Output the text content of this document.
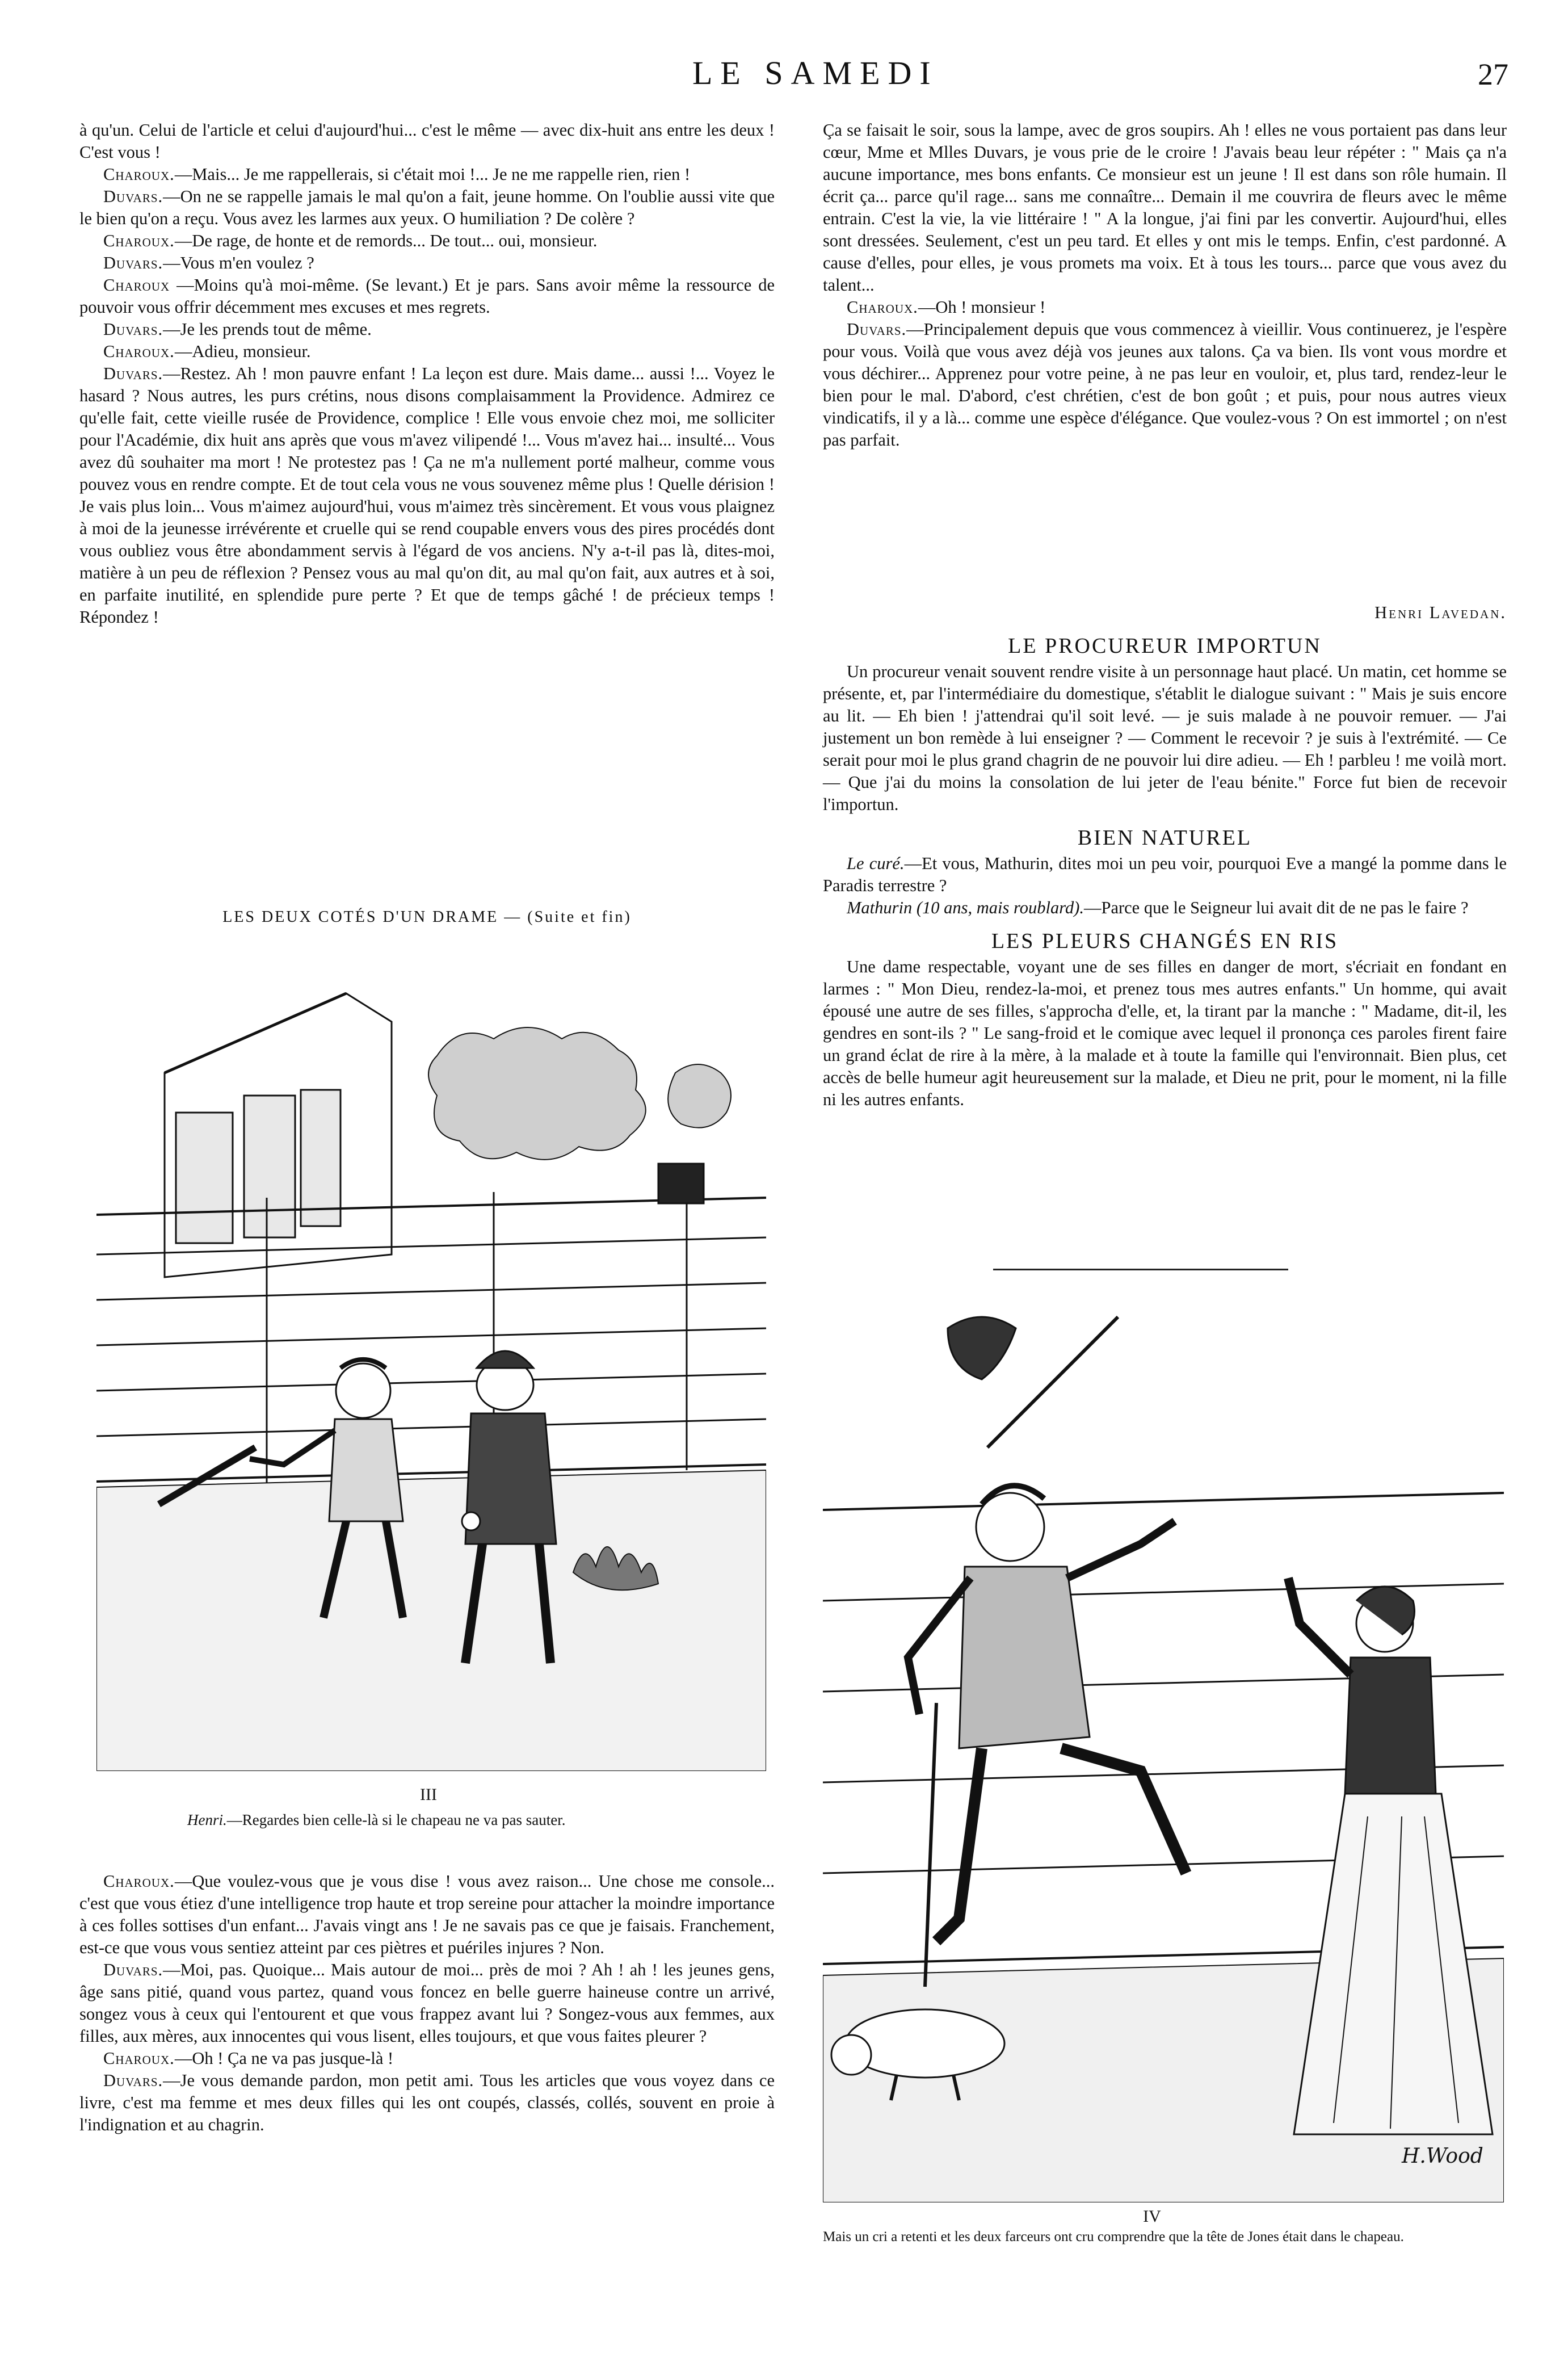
LE SAMEDI	27

à qu'un. Celui de l'article et celui d'aujourd'hui... c'est le même — avec dix-huit ans entre les deux ! C'est vous !

Charoux.—Mais... Je me rappellerais, si c'était moi !... Je ne me rappelle rien, rien !

Duvars.—On ne se rappelle jamais le mal qu'on a fait, jeune homme. On l'oublie aussi vite que le bien qu'on a reçu. Vous avez les larmes aux yeux. O humiliation ? De colère ?

Charoux.—De rage, de honte et de remords... De tout... oui, monsieur.

Duvars.—Vous m'en voulez ?

Charoux —Moins qu'à moi-même. (Se levant.) Et je pars. Sans avoir même la ressource de pouvoir vous offrir décemment mes excuses et mes regrets.

Duvars.—Je les prends tout de même.

Charoux.—Adieu, monsieur.

Duvars.—Restez. Ah ! mon pauvre enfant ! La leçon est dure. Mais dame... aussi !... Voyez le hasard ? Nous autres, les purs crétins, nous disons complaisamment la Providence. Admirez ce qu'elle fait, cette vieille rusée de Providence, complice ! Elle vous envoie chez moi, me solliciter pour l'Académie, dix huit ans après que vous m'avez vilipendé !... Vous m'avez hai... insulté... Vous avez dû souhaiter ma mort ! Ne protestez pas ! Ça ne m'a nullement porté malheur, comme vous pouvez vous en rendre compte. Et de tout cela vous ne vous souvenez même plus ! Quelle dérision ! Je vais plus loin... Vous m'aimez aujourd'hui, vous m'aimez très sincèrement. Et vous vous plaignez à moi de la jeunesse irrévérente et cruelle qui se rend coupable envers vous des pires procédés dont vous oubliez vous être abondamment servis à l'égard de vos anciens. N'y a-t-il pas là, dites-moi, matière à un peu de réflexion ? Pensez vous au mal qu'on dit, au mal qu'on fait, aux autres et à soi, en parfaite inutilité, en splendide pure perte ? Et que de temps gâché ! de précieux temps ! Répondez !

LES DEUX COTÉS D'UN DRAME — (Suite et fin)
III
Henri.—Regardes bien celle-là si le chapeau ne va pas sauter.

Charoux.—Que voulez-vous que je vous dise ! vous avez raison... Une chose me console... c'est que vous étiez d'une intelligence trop haute et trop sereine pour attacher la moindre importance à ces folles sottises d'un enfant... J'avais vingt ans ! Je ne savais pas ce que je faisais. Franchement, est-ce que vous vous sentiez atteint par ces piètres et puériles injures ? Non.

Duvars.—Moi, pas. Quoique... Mais autour de moi... près de moi ? Ah ! ah ! les jeunes gens, âge sans pitié, quand vous partez, quand vous foncez en belle guerre haineuse contre un arrivé, songez vous à ceux qui l'entourent et que vous frappez avant lui ? Songez-vous aux femmes, aux filles, aux mères, aux innocentes qui vous lisent, elles toujours, et que vous faites pleurer ?

Charoux.—Oh ! Ça ne va pas jusque-là !

Duvars.—Je vous demande pardon, mon petit ami. Tous les articles que vous voyez dans ce livre, c'est ma femme et mes deux filles qui les ont coupés, classés, collés, souvent en proie à l'indignation et au chagrin.

Ça se faisait le soir, sous la lampe, avec de gros soupirs. Ah ! elles ne vous portaient pas dans leur cœur, Mme et Mlles Duvars, je vous prie de le croire ! J'avais beau leur répéter : " Mais ça n'a aucune importance, mes bons enfants. Ce monsieur est un jeune ! Il est dans son rôle humain. Il écrit ça... parce qu'il rage... sans me connaître... Demain il me couvrira de fleurs avec le même entrain. C'est la vie, la vie littéraire ! " A la longue, j'ai fini par les convertir. Aujourd'hui, elles sont dressées. Seulement, c'est un peu tard. Et elles y ont mis le temps. Enfin, c'est pardonné. A cause d'elles, pour elles, je vous promets ma voix. Et à tous les tours... parce que vous avez du talent...

Charoux.—Oh ! monsieur !

Duvars.—Principalement depuis que vous commencez à vieillir. Vous continuerez, je l'espère pour vous. Voilà que vous avez déjà vos jeunes aux talons. Ça va bien. Ils vont vous mordre et vous déchirer... Apprenez pour votre peine, à ne pas leur en vouloir, et, plus tard, rendez-leur le bien pour le mal. D'abord, c'est chrétien, c'est de bon goût ; et puis, pour nous autres vieux vindicatifs, il y a là... comme une espèce d'élégance. Que voulez-vous ? On est immortel ; on n'est pas parfait.

Henri Lavedan.

LE PROCUREUR IMPORTUN

Un procureur venait souvent rendre visite à un personnage haut placé. Un matin, cet homme se présente, et, par l'intermédiaire du domestique, s'établit le dialogue suivant : " Mais je suis encore au lit. — Eh bien ! j'attendrai qu'il soit levé. — je suis malade à ne pouvoir remuer. — J'ai justement un bon remède à lui enseigner ? — Comment le recevoir ? je suis à l'extrémité. — Ce serait pour moi le plus grand chagrin de ne pouvoir lui dire adieu. — Eh ! parbleu ! me voilà mort. — Que j'ai du moins la consolation de lui jeter de l'eau bénite." Force fut bien de recevoir l'importun.

BIEN NATUREL

Le curé.—Et vous, Mathurin, dites moi un peu voir, pourquoi Eve a mangé la pomme dans le Paradis terrestre ?

Mathurin (10 ans, mais roublard).—Parce que le Seigneur lui avait dit de ne pas le faire ?

LES PLEURS CHANGÉS EN RIS

Une dame respectable, voyant une de ses filles en danger de mort, s'écriait en fondant en larmes : " Mon Dieu, rendez-la-moi, et prenez tous mes autres enfants." Un homme, qui avait épousé une autre de ses filles, s'approcha d'elle, et, la tirant par la manche : " Madame, dit-il, les gendres en sont-ils ? " Le sang-froid et le comique avec lequel il prononça ces paroles firent faire un grand éclat de rire à la mère, à la malade et à toute la famille qui l'environnait. Bien plus, cet accès de belle humeur agit heureusement sur la malade, et Dieu ne prit, pour le moment, ni la fille ni les autres enfants.

H.Wood
IV
Mais un cri a retenti et les deux farceurs ont cru comprendre que la tête de Jones était dans le chapeau.
